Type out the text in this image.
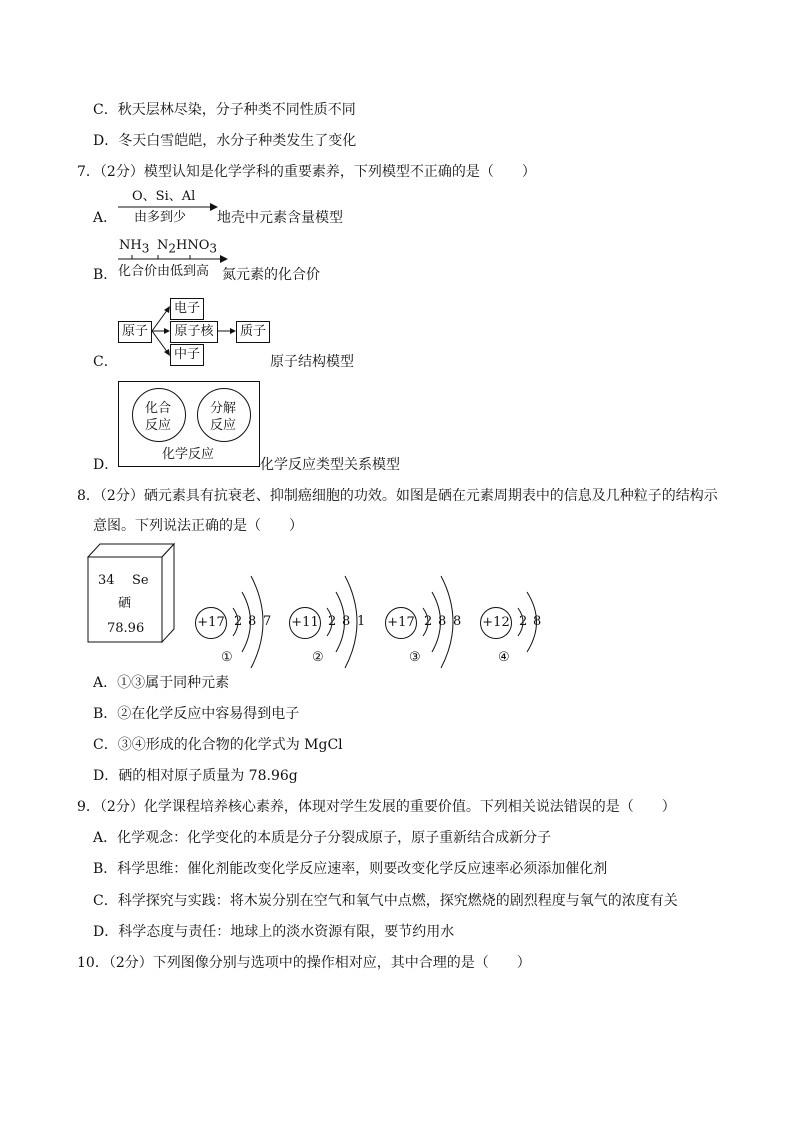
C．秋天层林尽染，分子种类不同性质不同
D．冬天白雪皑皑，水分子种类发生了变化
7．（2分）模型认知是化学学科的重要素养，下列模型不正确的是（　　）
A．
O、Si、Al
由多到少 地壳中元素含量模型
B．
$NH_3$ $N_2$ $HNO_3$
化合价由低到高 氮元素的化合价
C．
原子
电子
原子核
中子
质子
原子结构模型
D．
化合
反应
分解
反应
化学反应
化学反应类型关系模型
8．（2分）硒元素具有抗衰老、抑制癌细胞的功效。如图是硒在元素周期表中的信息及几种粒子的结构示
意图。下列说法正确的是（　　）
34 Se
硒
78.96	+17 2 8 7
①
+11 2 8 1
②
+17 2 8 8
③
+12 2 8
④
A．①③属于同种元素
B．②在化学反应中容易得到电子
C．③④形成的化合物的化学式为 MgCl
D．硒的相对原子质量为 78.96g
9．（2分）化学课程培养核心素养，体现对学生发展的重要价值。下列相关说法错误的是（　　）
A．化学观念：化学变化的本质是分子分裂成原子，原子重新结合成新分子
B．科学思维：催化剂能改变化学反应速率，则要改变化学反应速率必须添加催化剂
C．科学探究与实践：将木炭分别在空气和氧气中点燃，探究燃烧的剧烈程度与氧气的浓度有关
D．科学态度与责任：地球上的淡水资源有限，要节约用水
10．（2分）下列图像分别与选项中的操作相对应，其中合理的是（　　）
